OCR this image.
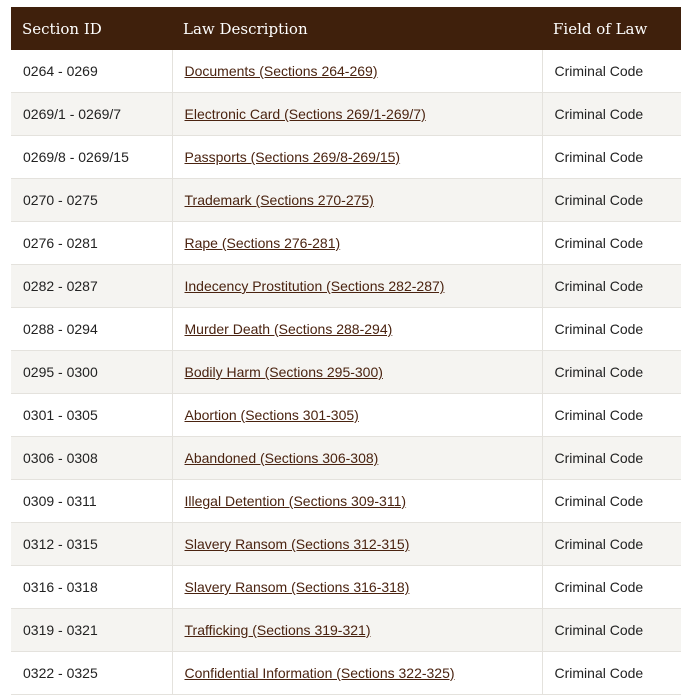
Section ID	Law Description	Field of Law
0264 - 0269	Documents (Sections 264-269)	Criminal Code
0269/1 - 0269/7	Electronic Card (Sections 269/1-269/7)	Criminal Code
0269/8 - 0269/15	Passports (Sections 269/8-269/15)	Criminal Code
0270 - 0275	Trademark (Sections 270-275)	Criminal Code
0276 - 0281	Rape (Sections 276-281)	Criminal Code
0282 - 0287	Indecency Prostitution (Sections 282-287)	Criminal Code
0288 - 0294	Murder Death (Sections 288-294)	Criminal Code
0295 - 0300	Bodily Harm (Sections 295-300)	Criminal Code
0301 - 0305	Abortion (Sections 301-305)	Criminal Code
0306 - 0308	Abandoned (Sections 306-308)	Criminal Code
0309 - 0311	Illegal Detention (Sections 309-311)	Criminal Code
0312 - 0315	Slavery Ransom (Sections 312-315)	Criminal Code
0316 - 0318	Slavery Ransom (Sections 316-318)	Criminal Code
0319 - 0321	Trafficking (Sections 319-321)	Criminal Code
0322 - 0325	Confidential Information (Sections 322-325)	Criminal Code
